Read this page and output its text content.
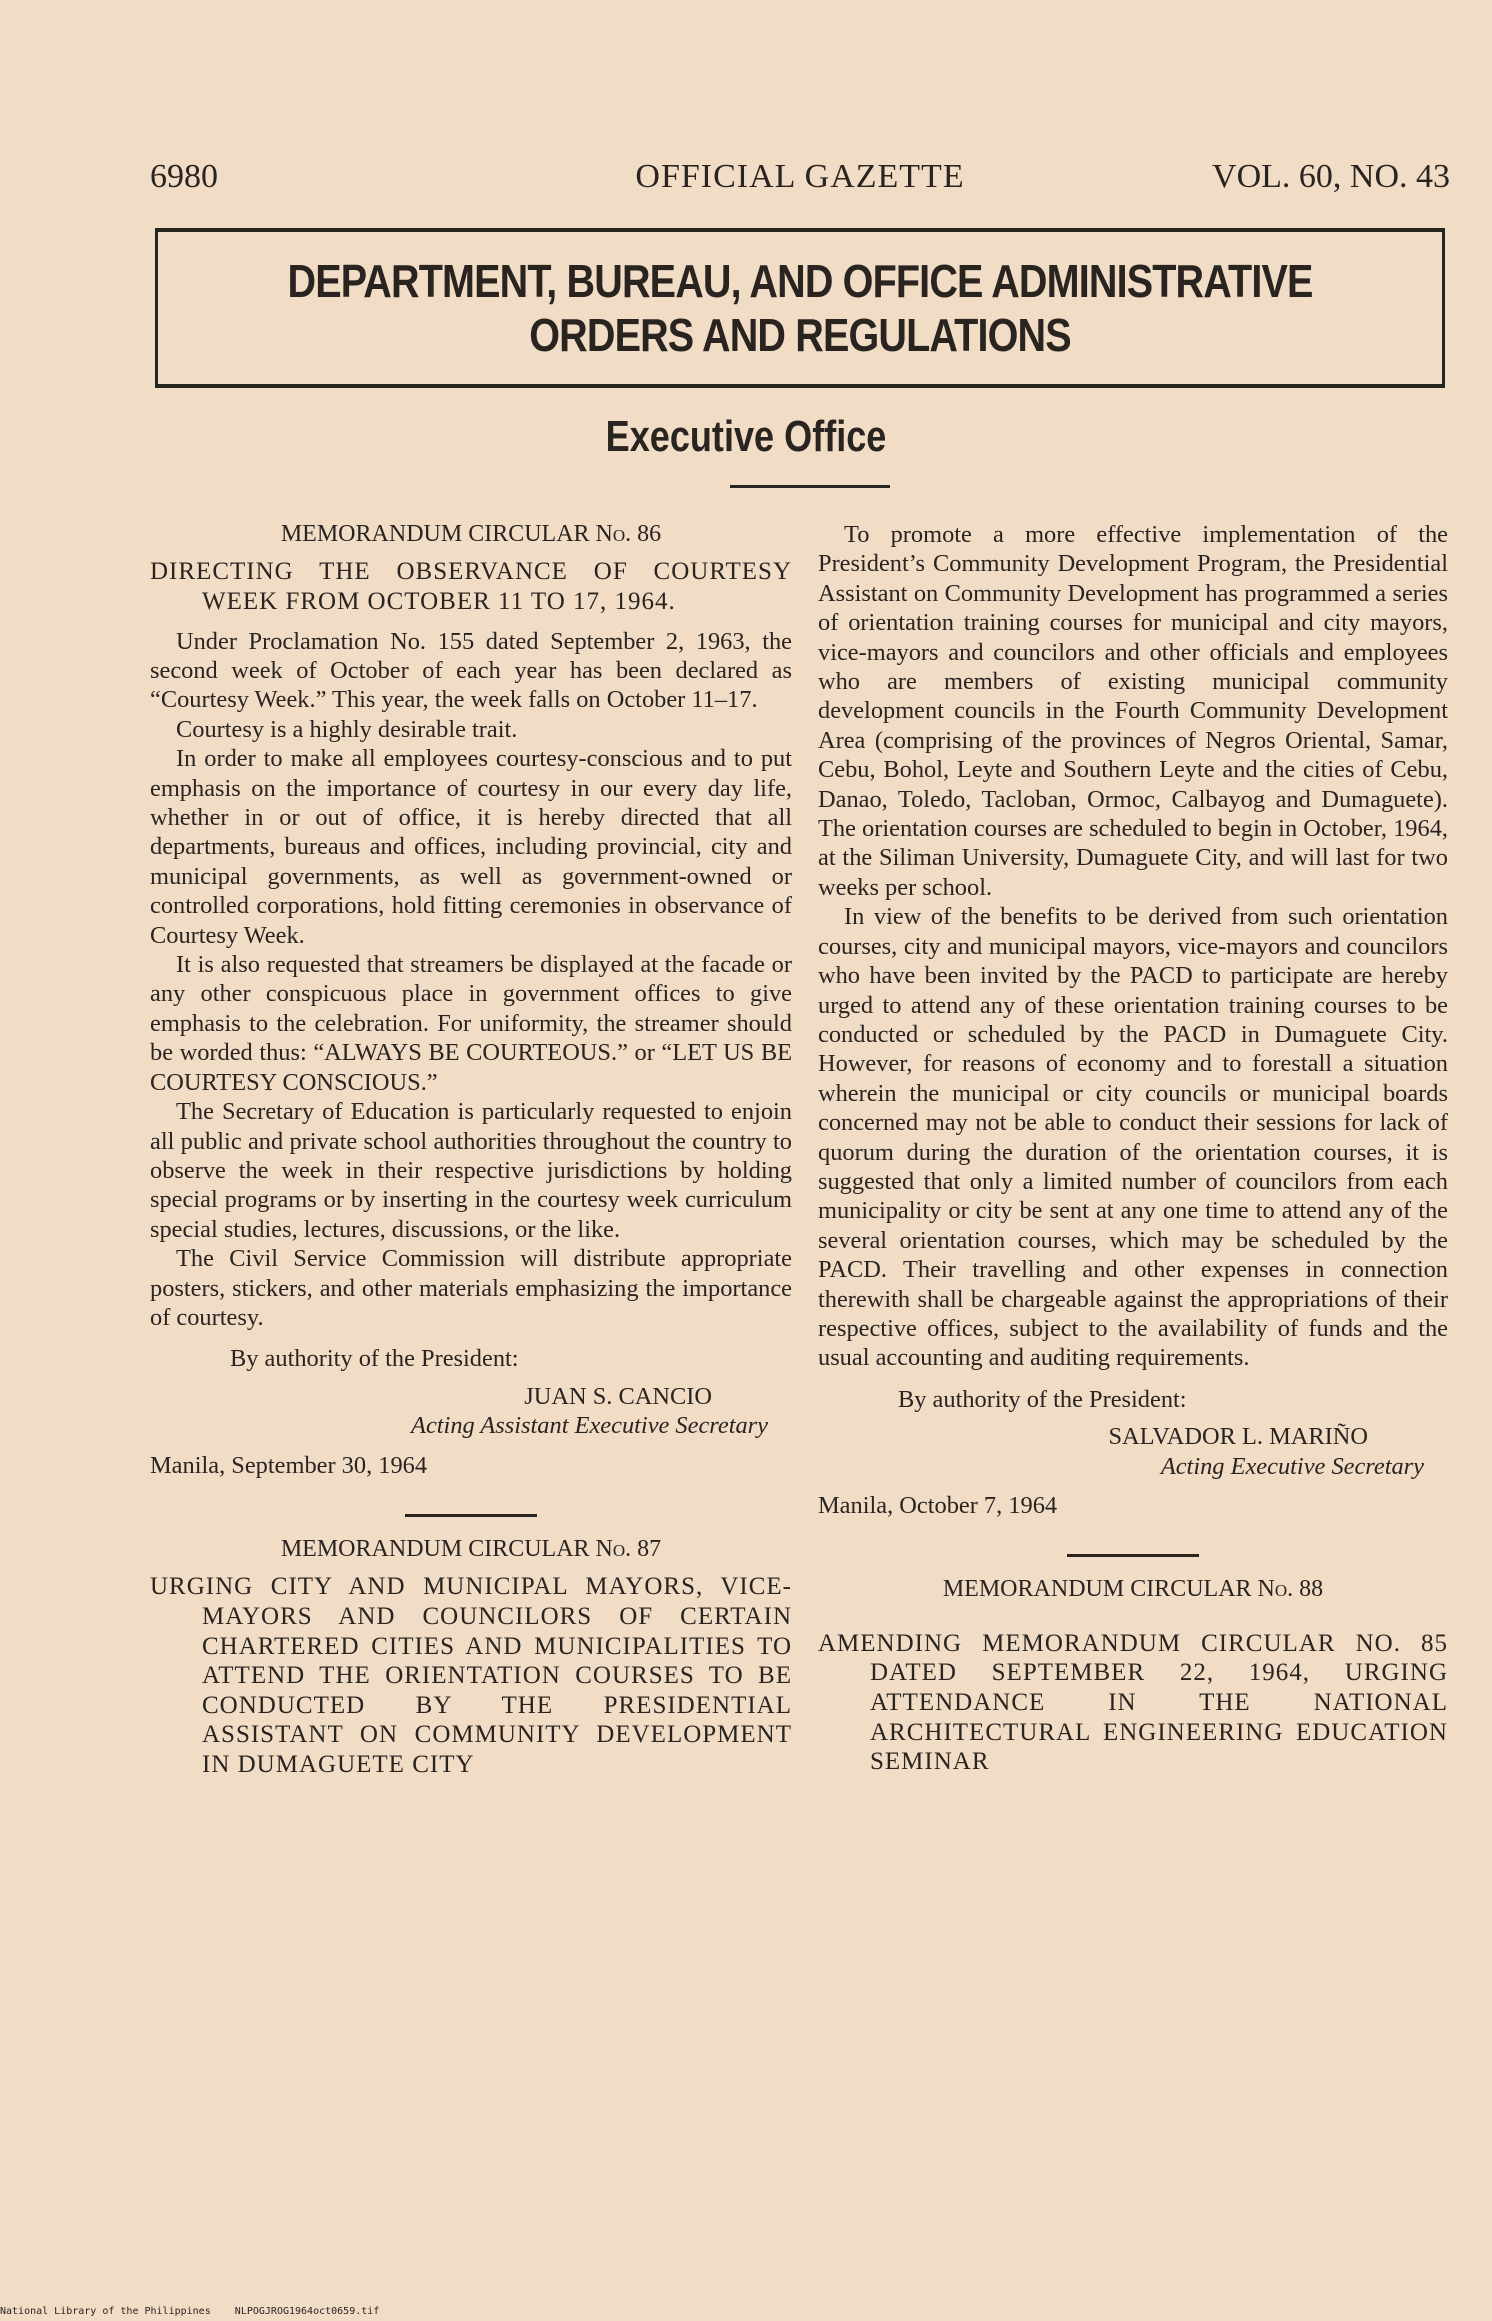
6980	OFFICIAL GAZETTE	VOL. 60, NO. 43
DEPARTMENT, BUREAU, AND OFFICE ADMINISTRATIVE
ORDERS AND REGULATIONS
Executive Office
MEMORANDUM CIRCULAR No. 86
DIRECTING THE OBSERVANCE OF COURTESY WEEK FROM OCTOBER 11 TO 17, 1964.

Under Proclamation No. 155 dated September 2, 1963, the second week of October of each year has been declared as “Courtesy Week.” This year, the week falls on October 11–17.

Courtesy is a highly desirable trait.

In order to make all employees courtesy-conscious and to put emphasis on the importance of courtesy in our every day life, whether in or out of office, it is hereby directed that all departments, bureaus and offices, including provincial, city and municipal governments, as well as government-owned or controlled corporations, hold fitting ceremonies in observance of Courtesy Week.

It is also requested that streamers be displayed at the facade or any other conspicuous place in government offices to give emphasis to the celebration. For uniformity, the streamer should be worded thus: “ALWAYS BE COURTEOUS.” or “LET US BE COURTESY CONSCIOUS.”

The Secretary of Education is particularly requested to enjoin all public and private school authorities throughout the country to observe the week in their respective jurisdictions by holding special programs or by inserting in the courtesy week curriculum special studies, lectures, discussions, or the like.

The Civil Service Commission will distribute appropriate posters, stickers, and other materials emphasizing the importance of courtesy.

By authority of the President:

JUAN S. CANCIO

Acting Assistant Executive Secretary

Manila, September 30, 1964

MEMORANDUM CIRCULAR No. 87
URGING CITY AND MUNICIPAL MAYORS, VICE-MAYORS AND COUNCILORS OF CERTAIN CHARTERED CITIES AND MUNICIPALITIES TO ATTEND THE ORIENTATION COURSES TO BE CONDUCTED BY THE PRESIDENTIAL ASSISTANT ON COMMUNITY DEVELOPMENT IN DUMAGUETE CITY

To promote a more effective implementation of the President’s Community Development Program, the Presidential Assistant on Community Development has programmed a series of orientation training courses for municipal and city mayors, vice-mayors and councilors and other officials and employees who are members of existing municipal community development councils in the Fourth Community Development Area (comprising of the provinces of Negros Oriental, Samar, Cebu, Bohol, Leyte and Southern Leyte and the cities of Cebu, Danao, Toledo, Tacloban, Ormoc, Calbayog and Dumaguete). The orientation courses are scheduled to begin in October, 1964, at the Siliman University, Dumaguete City, and will last for two weeks per school.

In view of the benefits to be derived from such orientation courses, city and municipal mayors, vice-mayors and councilors who have been invited by the PACD to participate are hereby urged to attend any of these orientation training courses to be conducted or scheduled by the PACD in Dumaguete City. However, for reasons of economy and to forestall a situation wherein the municipal or city councils or municipal boards concerned may not be able to conduct their sessions for lack of quorum during the duration of the orientation courses, it is suggested that only a limited number of councilors from each municipality or city be sent at any one time to attend any of the several orientation courses, which may be scheduled by the PACD. Their travelling and other expenses in connection therewith shall be chargeable against the appropriations of their respective offices, subject to the availability of funds and the usual accounting and auditing requirements.

By authority of the President:

SALVADOR L. MARIÑO

Acting Executive Secretary

Manila, October 7, 1964

MEMORANDUM CIRCULAR No. 88
AMENDING MEMORANDUM CIRCULAR NO. 85 DATED SEPTEMBER 22, 1964, URGING ATTENDANCE IN THE NATIONAL ARCHITECTURAL ENGINEERING EDUCATION SEMINAR
National Library of the Philippines    NLPOGJROG1964oct0659.tif
